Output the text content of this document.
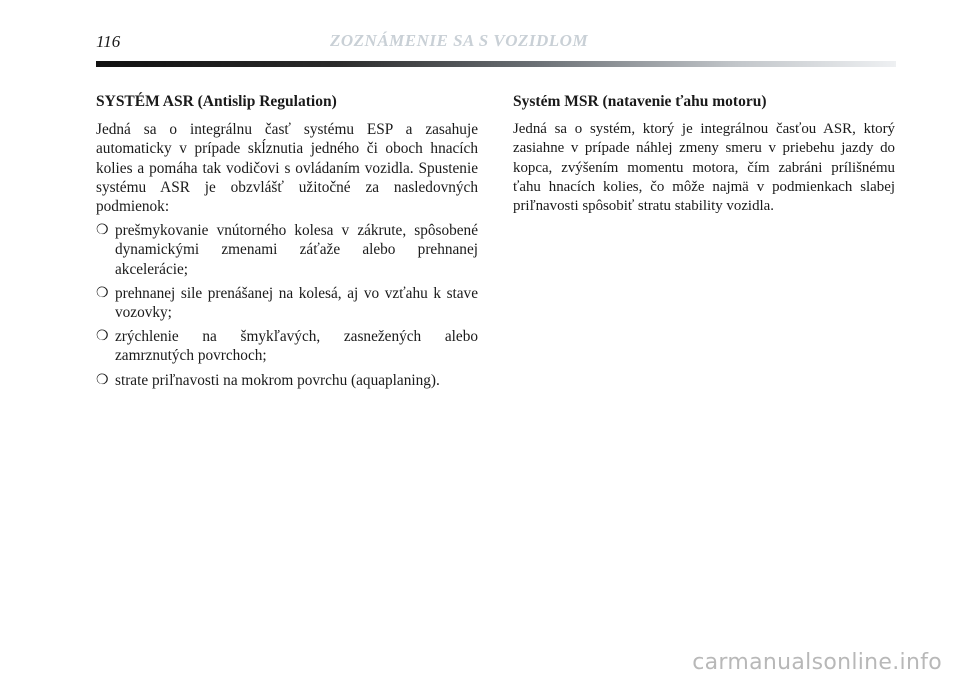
116	ZOZNÁMENIE SA S VOZIDLOM
SYSTÉM ASR (Antislip Regulation)

Jedná sa o integrálnu časť systému ESP a zasahuje automaticky v prípade skĺznutia jedného či oboch hnacích kolies a pomáha tak vodičovi s ovládaním vozidla. Spustenie systému ASR je obzvlášť užitočné za nasledovných podmienok:

❍ prešmykovanie vnútorného kolesa v zákrute, spôsobené dynamickými zmenami záťaže alebo prehnanej akcelerácie;
❍ prehnanej sile prenášanej na kolesá, aj vo vzťahu k stave vozovky;
❍ zrýchlenie na šmykľavých, zasnežených alebo zamrznutých povrchoch;
❍ strate priľnavosti na mokrom povrchu (aquaplaning).
Systém MSR (natavenie ťahu motoru)

Jedná sa o systém, ktorý je integrálnou časťou ASR, ktorý zasiahne v prípade náhlej zmeny smeru v priebehu jazdy do kopca, zvýšením momentu motora, čím zabráni prílišnému ťahu hnacích kolies, čo môže najmä v podmienkach slabej priľnavosti spôsobiť stratu stability vozidla.

carmanualsonline.info
